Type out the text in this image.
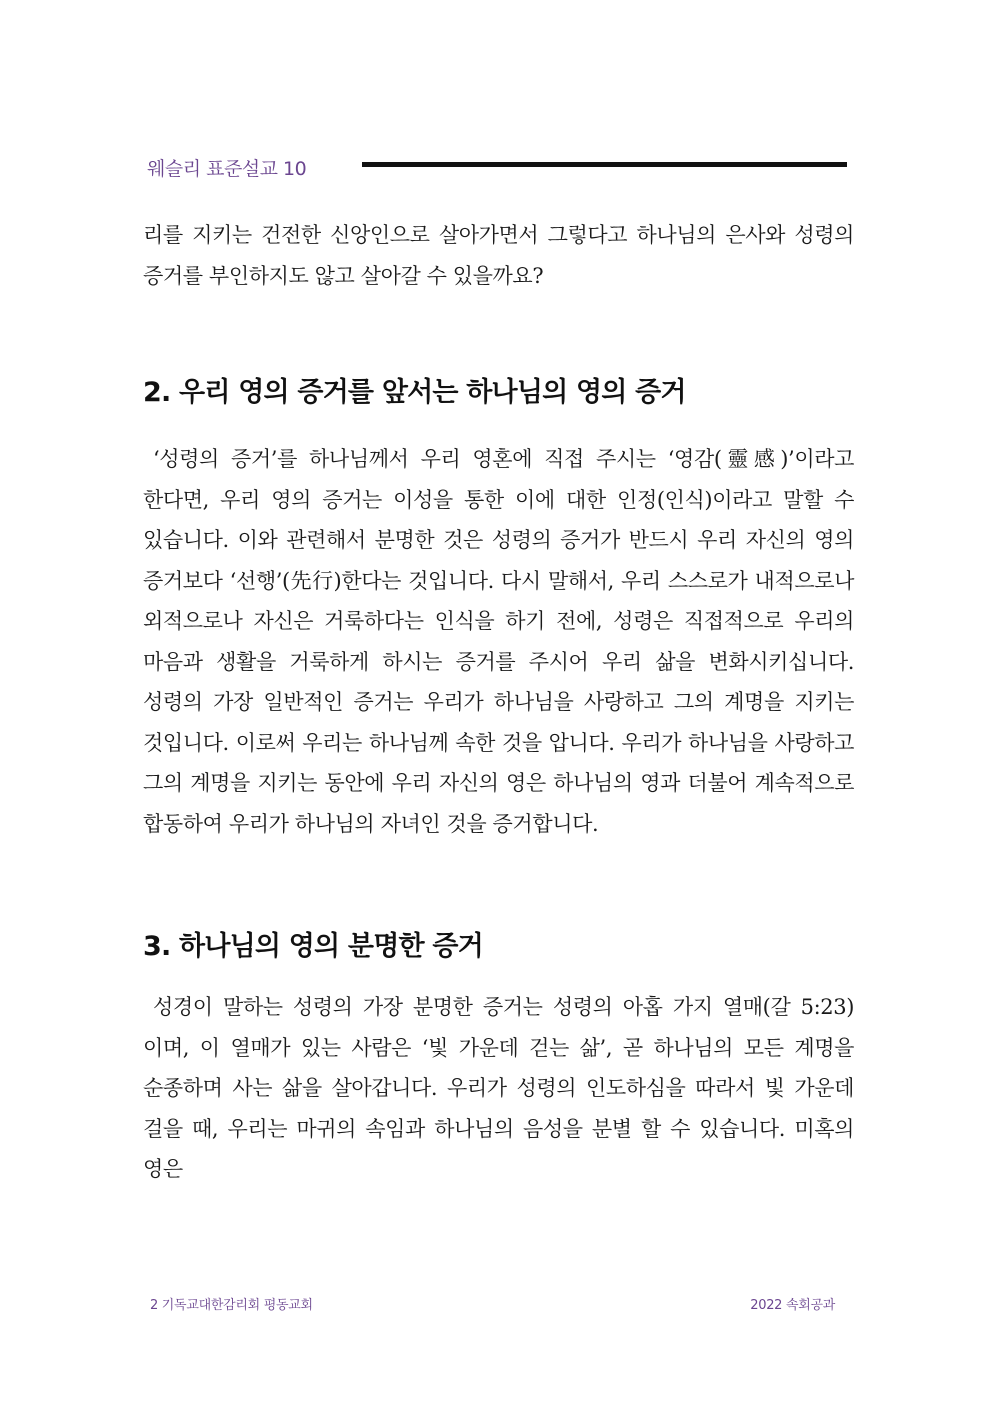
웨슬리 표준설교 10

리를 지키는 건전한 신앙인으로 살아가면서 그렇다고 하나님의 은사와 성령의 증거를 부인하지도 않고 살아갈 수 있을까요?

2. 우리 영의 증거를 앞서는 하나님의 영의 증거

‘성령의 증거’를 하나님께서 우리 영혼에 직접 주시는 ‘영감(靈感)’이라고 한다면, 우리 영의 증거는 이성을 통한 이에 대한 인정(인식)이라고 말할 수 있습니다. 이와 관련해서 분명한 것은 성령의 증거가 반드시 우리 자신의 영의 증거보다 ‘선행’(先行)한다는 것입니다. 다시 말해서, 우리 스스로가 내적으로나 외적으로나 자신은 거룩하다는 인식을 하기 전에, 성령은 직접적으로 우리의 마음과 생활을 거룩하게 하시는 증거를 주시어 우리 삶을 변화시키십니다. 성령의 가장 일반적인 증거는 우리가 하나님을 사랑하고 그의 계명을 지키는 것입니다. 이로써 우리는 하나님께 속한 것을 압니다. 우리가 하나님을 사랑하고 그의 계명을 지키는 동안에 우리 자신의 영은 하나님의 영과 더불어 계속적으로 합동하여 우리가 하나님의 자녀인 것을 증거합니다.

3. 하나님의 영의 분명한 증거

성경이 말하는 성령의 가장 분명한 증거는 성령의 아홉 가지 열매(갈 5:23)이며, 이 열매가 있는 사람은 ‘빛 가운데 걷는 삶’, 곧 하나님의 모든 계명을 순종하며 사는 삶을 살아갑니다. 우리가 성령의 인도하심을 따라서 빛 가운데 걸을 때, 우리는 마귀의 속임과 하나님의 음성을 분별 할 수 있습니다. 미혹의 영은

2 기독교대한감리회 평동교회	2022 속회공과
